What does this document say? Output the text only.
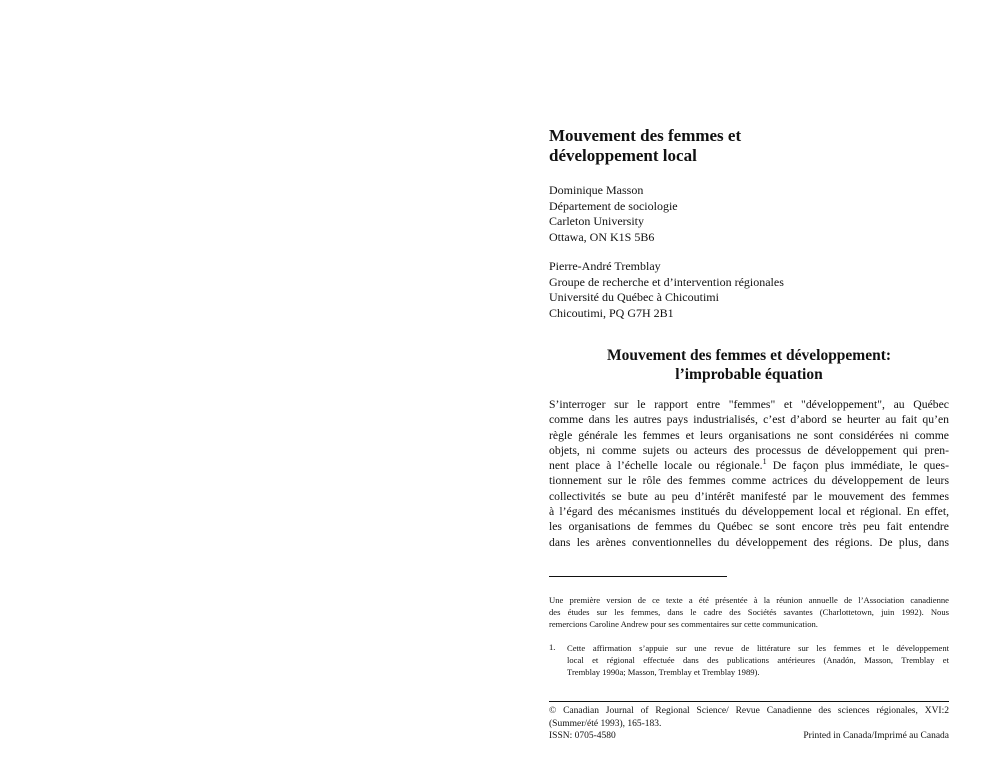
Mouvement des femmes et
développement local
Dominique Masson
Département de sociologie
Carleton University
Ottawa, ON K1S 5B6
Pierre-André Tremblay
Groupe de recherche et d’intervention régionales
Université du Québec à Chicoutimi
Chicoutimi, PQ G7H 2B1
Mouvement des femmes et développement:
l’improbable équation
S’interroger sur le rapport entre "femmes" et "développement", au Québec
comme dans les autres pays industrialisés, c’est d’abord se heurter au fait qu’en
règle générale les femmes et leurs organisations ne sont considérées ni comme
objets, ni comme sujets ou acteurs des processus de développement qui pren-
nent place à l’échelle locale ou régionale.$^1$ De façon plus immédiate, le ques-
tionnement sur le rôle des femmes comme actrices du développement de leurs
collectivités se bute au peu d’intérêt manifesté par le mouvement des femmes
à l’égard des mécanismes institués du développement local et régional. En effet,
les organisations de femmes du Québec se sont encore très peu fait entendre
dans les arènes conventionnelles du développement des régions. De plus, dans
Une première version de ce texte a été présentée à la réunion annuelle de l’Association canadienne
des études sur les femmes, dans le cadre des Sociétés savantes (Charlottetown, juin 1992). Nous
remercions Caroline Andrew pour ses commentaires sur cette communication.
1. Cette affirmation s’appuie sur une revue de littérature sur les femmes et le développement
local et régional effectuée dans des publications antérieures (Anadón, Masson, Tremblay et
Tremblay 1990a; Masson, Tremblay et Tremblay 1989).
© Canadian Journal of Regional Science/ Revue Canadienne des sciences régionales, XVI:2
(Summer/été 1993), 165-183.
ISSN: 0705-4580	Printed in Canada/Imprimé au Canada
